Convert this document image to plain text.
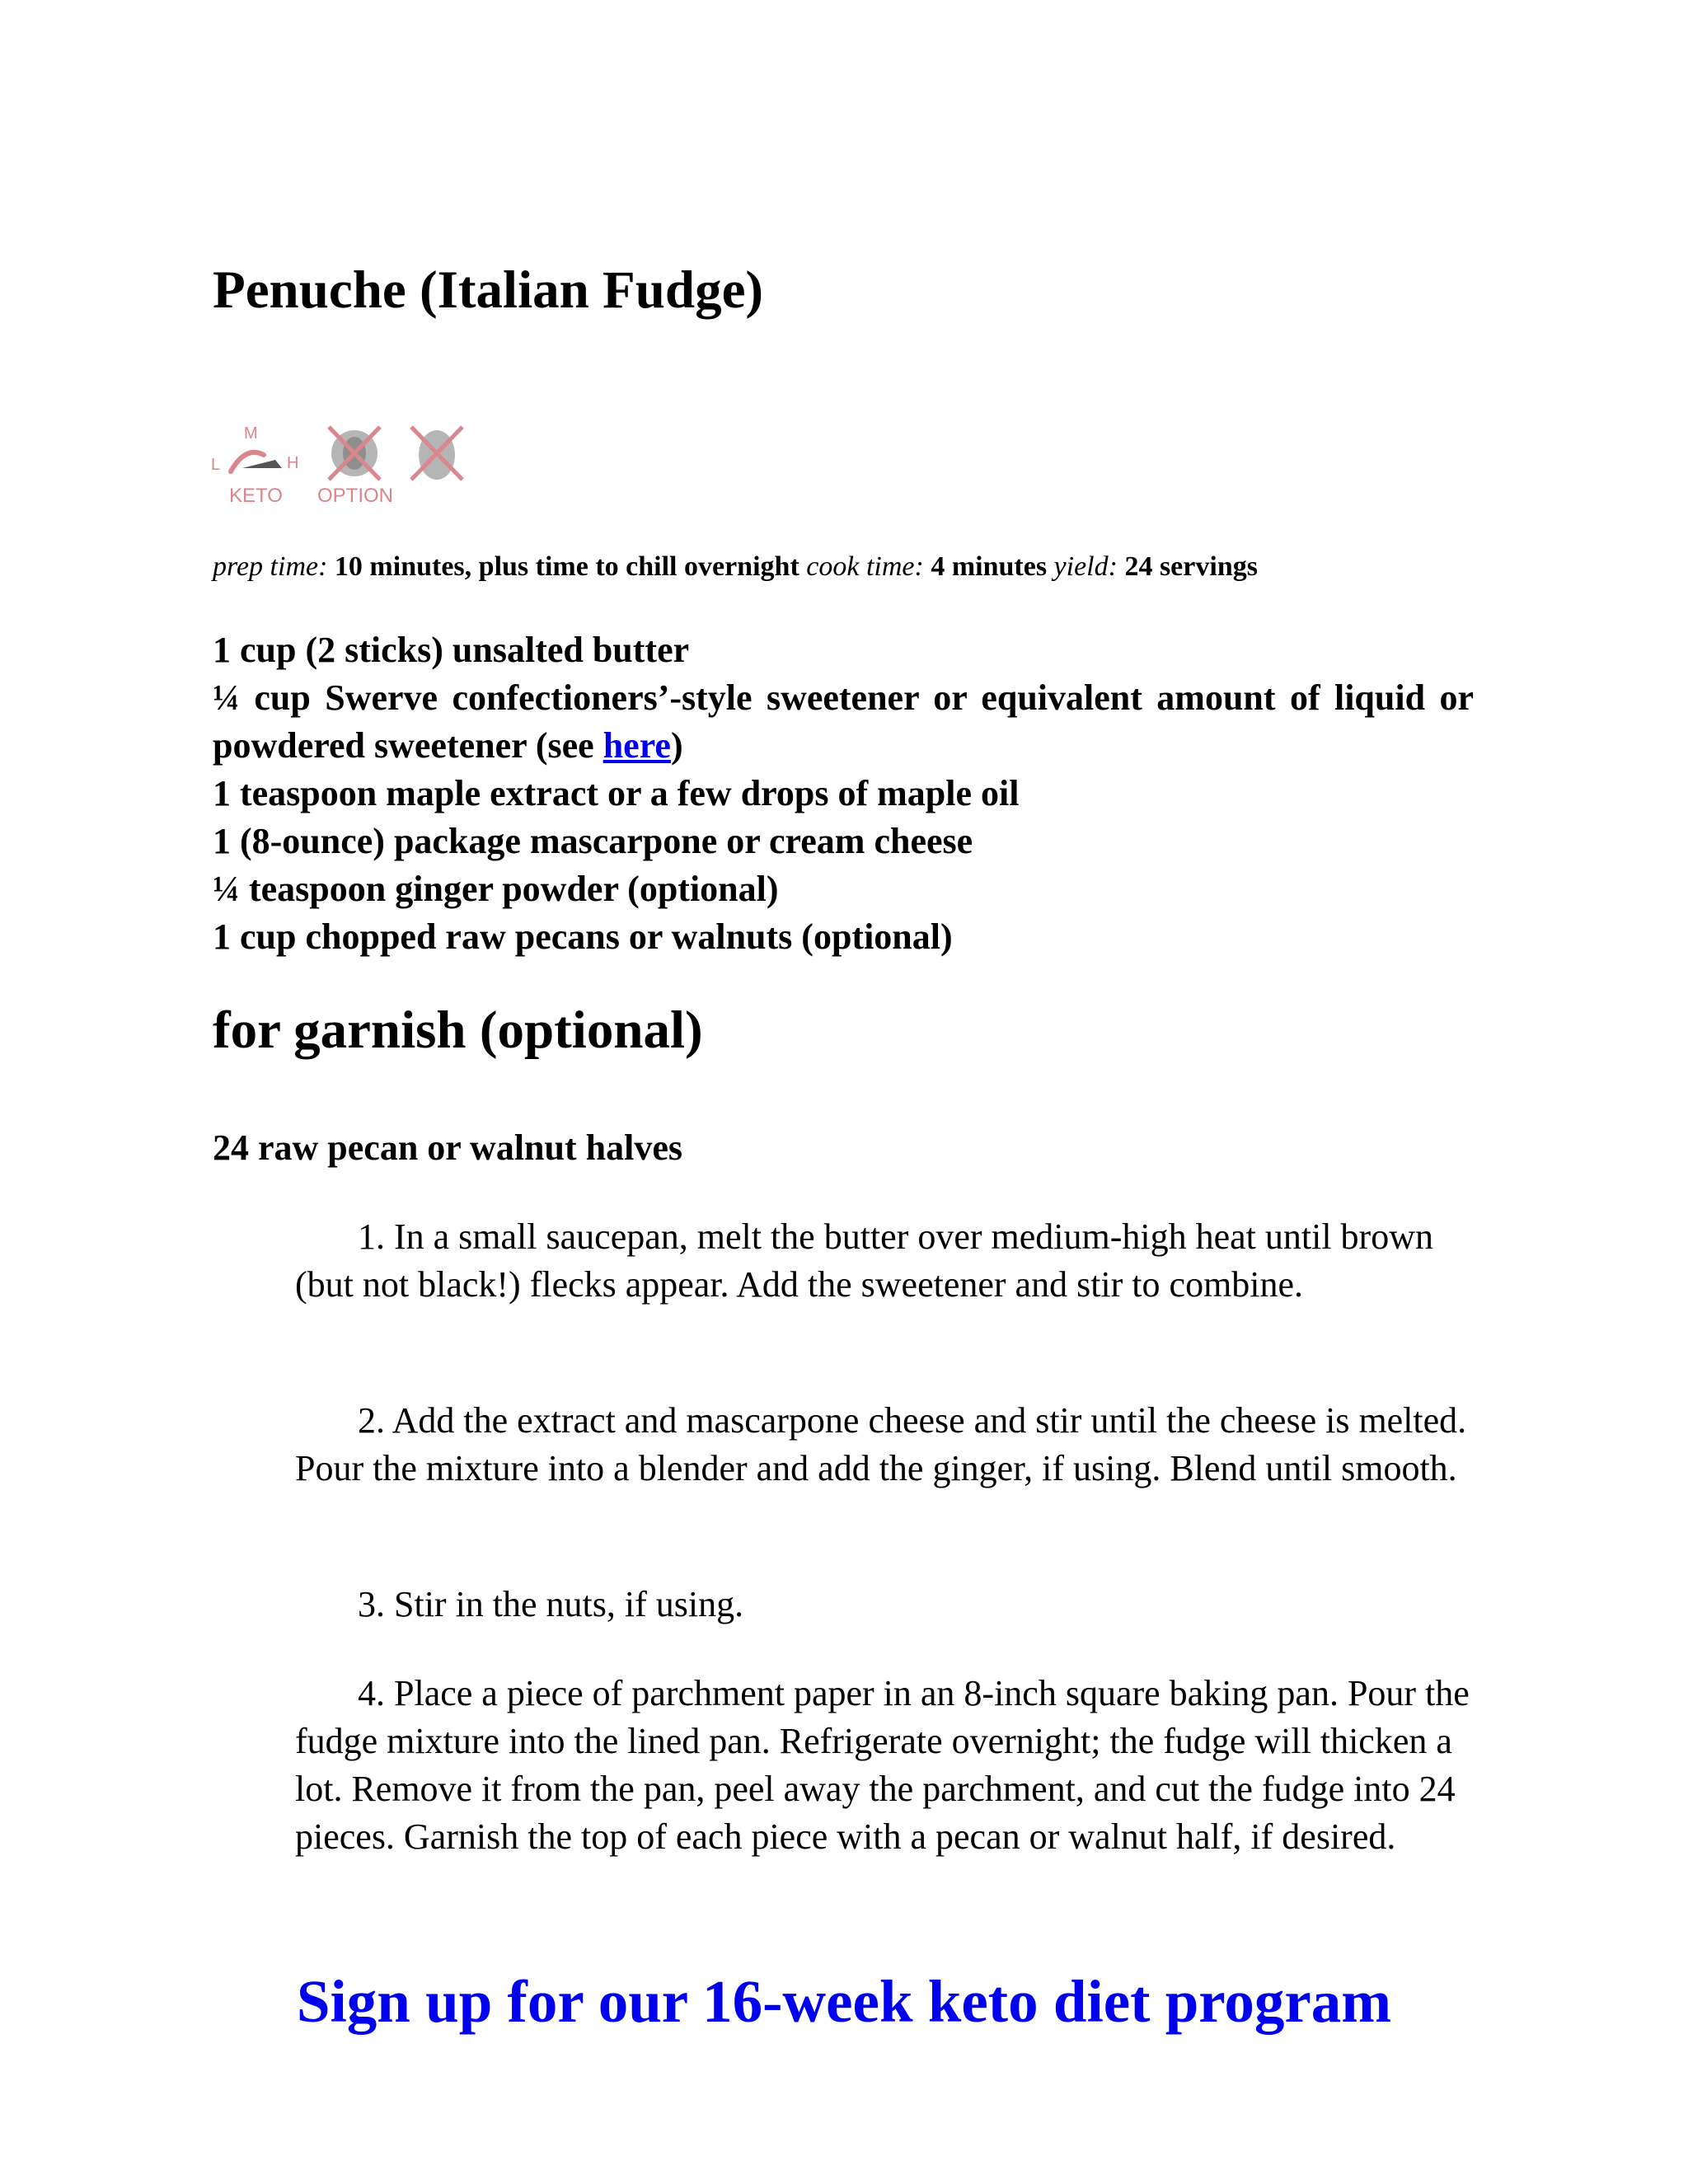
Penuche (Italian Fudge)
M
L	H
KETO OPTION
prep time: 10 minutes, plus time to chill overnight cook time: 4 minutes yield: 24 servings
1 cup (2 sticks) unsalted butter
¼ cup Swerve confectioners’-style sweetener or equivalent amount of liquid or powdered sweetener (see here)
1 teaspoon maple extract or a few drops of maple oil
1 (8-ounce) package mascarpone or cream cheese
¼ teaspoon ginger powder (optional)
1 cup chopped raw pecans or walnuts (optional)
for garnish (optional)
24 raw pecan or walnut halves

1. In a small saucepan, melt the butter over medium-high heat until brown (but not black!) flecks appear. Add the sweetener and stir to combine.

2. Add the extract and mascarpone cheese and stir until the cheese is melted. Pour the mixture into a blender and add the ginger, if using. Blend until smooth.

3. Stir in the nuts, if using.

4. Place a piece of parchment paper in an 8-inch square baking pan. Pour the fudge mixture into the lined pan. Refrigerate overnight; the fudge will thicken a lot. Remove it from the pan, peel away the parchment, and cut the fudge into 24 pieces. Garnish the top of each piece with a pecan or walnut half, if desired.

Sign up for our 16-week keto diet program
